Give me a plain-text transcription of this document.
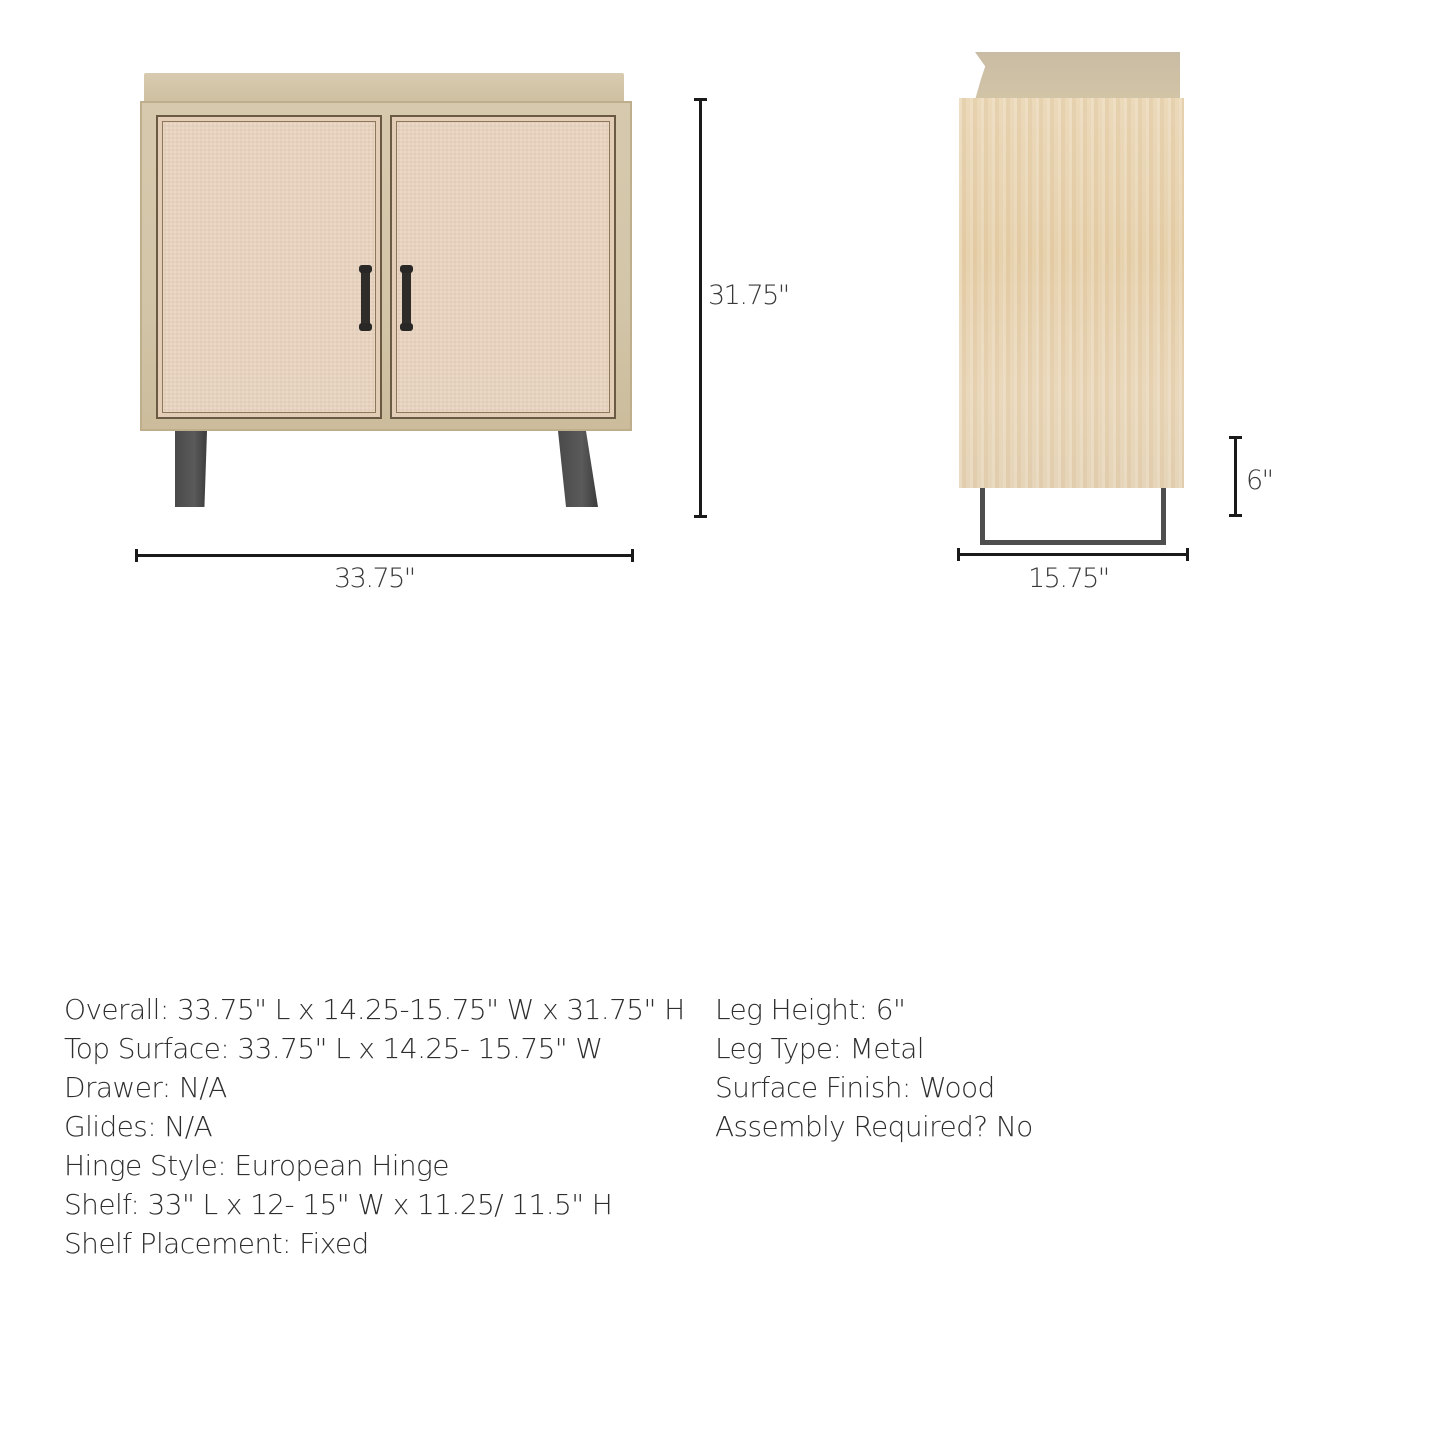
31.75"
33.75"
6"
15.75"
Overall: 33.75" L x 14.25-15.75" W x 31.75" H
Top Surface: 33.75" L x 14.25- 15.75" W
Drawer: N/A
Glides: N/A
Hinge Style: European Hinge
Shelf: 33" L x 12- 15" W x 11.25/ 11.5" H
Shelf Placement: Fixed
Leg Height: 6"
Leg Type: Metal
Surface Finish: Wood
Assembly Required? No
